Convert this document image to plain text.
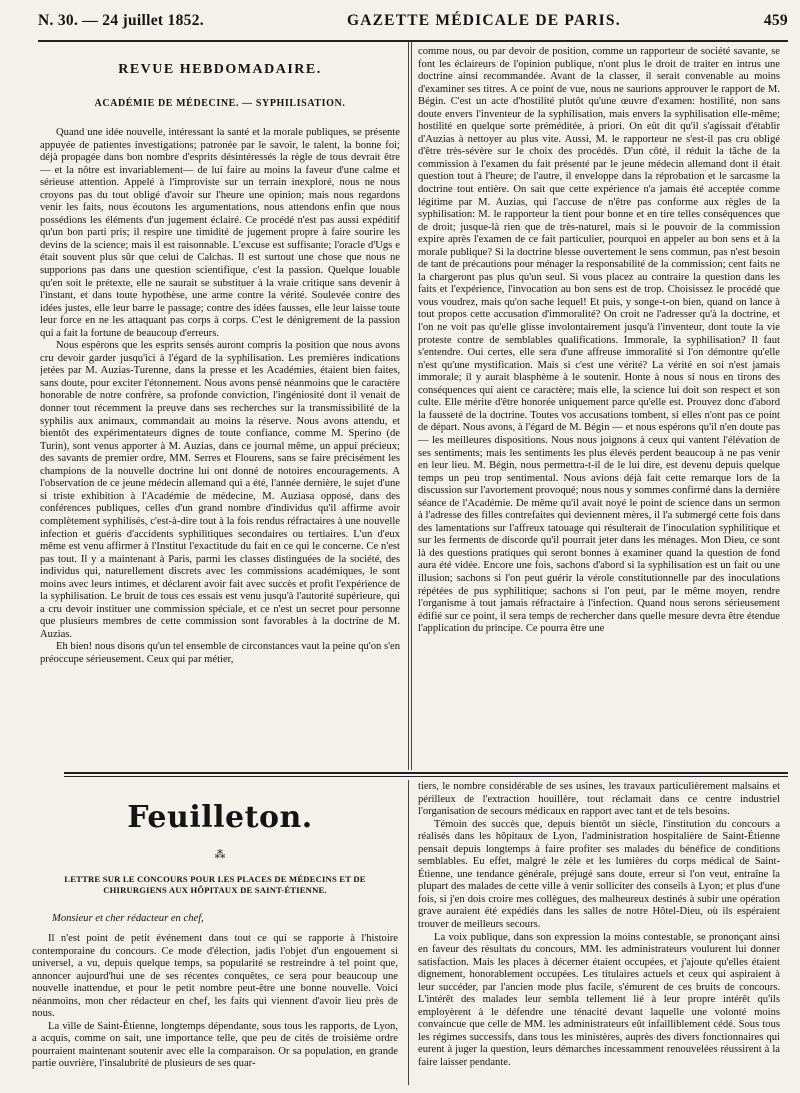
N. 30. — 24 juillet 1852.	GAZETTE MÉDICALE DE PARIS.	459
REVUE HEBDOMADAIRE.
ACADÉMIE DE MÉDECINE. — SYPHILISATION.

Quand une idée nouvelle, intéressant la santé et la morale publiques, se présente appuyée de patientes investigations; patronée par le savoir, le talent, la bonne foi; déjà propagée dans bon nombre d'esprits désintéressés la règle de tous devrait être — et la nôtre est invariablement— de lui faire au moins la faveur d'une calme et sérieuse attention. Appelé à l'improviste sur un terrain inexploré, nous ne nous croyons pas du tout obligé d'avoir sur l'heure une opinion; mais nous regardons venir les faits, nous écoutons les argumentations, nous attendons enfin que nous possédions les éléments d'un jugement éclairé. Ce procédé n'est pas aussi expéditif qu'un bon parti pris; il respire une timidité de jugement propre à faire sourire les devins de la science; mais il est raisonnable. L'excuse est suffisante; l'oracle d'Ugs e était souvent plus sûr que celui de Calchas. Il est surtout une chose que nous ne supporions pas dans une question scientifique, c'est la passion. Quelque louable qu'en soit le prétexte, elle ne saurait se substituer à la vraie critique sans devenir à l'instant, et dans toute hypothèse, une arme contre la vérité. Soulevée contre des idées justes, elle leur barre le passage; contre des idées fausses, elle leur laisse toute leur force en ne les attaquant pas corps à corps. C'est le dénigrement de la passion qui a fait la fortune de beaucoup d'erreurs.

Nous espérons que les esprits sensés auront compris la position que nous avons cru devoir garder jusqu'ici à l'égard de la syphilisation. Les premières indications jetées par M. Auzias-Turenne, dans la presse et les Académies, étaient bien faites, sans doute, pour exciter l'étonnement. Nous avons pensé néanmoins que le caractère honorable de notre confrère, sa profonde conviction, l'ingéniosité dont il venait de donner tout récemment la preuve dans ses recherches sur la transmissibilité de la syphilis aux animaux, commandait au moins la réserve. Nous avons attendu, et bientôt des expérimentateurs dignes de toute confiance, comme M. Sperino (de Turin), sont venus apporter à M. Auzias, dans ce journal même, un appui précieux; des savants de premier ordre, MM. Serres et Flourens, sans se faire précisément les champions de la nouvelle doctrine lui ont donné de notoires encouragements. A l'observation de ce jeune médecin allemand qui a été, l'année dernière, le sujet d'une si triste exhibition à l'Académie de médecine, M. Auziasa opposé, dans des conférences publiques, celles d'un grand nombre d'individus qu'il affirme avoir complètement syphilisés, c'est-à-dire tout à la fois rendus réfractaires à une nouvelle infection et guéris d'accidents syphilitiques secondaires ou tertiaires. L'un d'eux même est venu affirmer à l'Institut l'exactitude du fait en ce qui le concerne. Ce n'est pas tout. Il y a maintenant à Paris, parmi les classes distinguées de la société, des individus qui, naturellement discrets avec les commissions académiques, le sont moins avec leurs intimes, et déclarent avoir fait avec succès et profit l'expérience de la syphilisation. Le bruit de tous ces essais est venu jusqu'à l'autorité supérieure, qui a cru devoir instituer une commission spéciale, et ce n'est un secret pour personne que plusieurs membres de cette commission sont favorables à la doctrine de M. Auzias.

Eh bien! nous disons qu'un tel ensemble de circonstances vaut la peine qu'on s'en préoccupe sérieusement. Ceux qui par métier,

comme nous, ou par devoir de position, comme un rapporteur de société savante, se font les éclaireurs de l'opinion publique, n'ont plus le droit de traiter en intrus une doctrine ainsi recommandée. Avant de la classer, il serait convenable au moins d'examiner ses titres. A ce point de vue, nous ne saurions approuver le rapport de M. Bégin. C'est un acte d'hostilité plutôt qu'une œuvre d'examen: hostilité, non sans doute envers l'inventeur de la syphilisation, mais envers la syphilisation elle-même; hostilité en quelque sorte préméditée, à priori. On eût dit qu'il s'agissait d'établir d'Auzias à nettoyer au plus vite. Aussi, M. le rapporteur ne s'est-il pas cru obligé d'être très-sévère sur le choix des procédés. D'un côté, il réduit la tâche de la commission à l'examen du fait présenté par le jeune médecin allemand dont il était question tout à l'heure; de l'autre, il enveloppe dans la réprobation et le sarcasme la doctrine tout entière. On sait que cette expérience n'a jamais été acceptée comme légitime par M. Auzias, qui l'accuse de n'être pas conforme aux règles de la syphilisation: M. le rapporteur la tient pour bonne et en tire telles conséquences que de droit; jusque-là rien que de très-naturel, mais si le pouvoir de la commission expire après l'examen de ce fait particulier, pourquoi en appeler au bon sens et à la morale publique? Si la doctrine blesse ouvertement le sens commun, pas n'est besoin de tant de précautions pour ménager la responsabilité de la commission; cent faits ne la chargeront pas plus qu'un seul. Si vous placez au contraire la question dans les faits et l'expérience, l'invocation au bon sens est de trop. Choisissez le procédé que vous voudrez, mais qu'on sache lequel! Et puis, y songe-t-on bien, quand on lance à tout propos cette accusation d'immoralité? On croit ne l'adresser qu'à la doctrine, et l'on ne voit pas qu'elle glisse involontairement jusqu'à l'inventeur, dont toute la vie proteste contre de semblables qualifications. Immorale, la syphilisation? Il faut s'entendre. Oui certes, elle sera d'une affreuse immoralité si l'on démontre qu'elle n'est qu'une mystification. Mais si c'est une vérité? La vérité en soi n'est jamais immorale; il y aurait blasphème à le soutenir. Honte à nous si nous en tirons des conséquences qui aient ce caractère; mais elle, la science lui doit son respect et son culte. Elle mérite d'être honorée uniquement parce qu'elle est. Prouvez donc d'abord la fausseté de la doctrine. Toutes vos accusations tombent, si elles n'ont pas ce point de départ. Nous avons, à l'égard de M. Bégin — et nous espérons qu'il n'en doute pas — les meilleures dispositions. Nous nous joignons à ceux qui vantent l'élévation de ses sentiments; mais les sentiments les plus élevés perdent beaucoup à ne pas venir en leur lieu. M. Bégin, nous permettra-t-il de le lui dire, est devenu depuis quelque temps un peu trop sentimental. Nous avions déjà fait cette remarque lors de la discussion sur l'avortement provoqué; nous nous y sommes confirmé dans la dernière séance de l'Académie. De même qu'il avait noyé le point de science dans un sermon à l'adresse des filles contrefaites qui deviennent mères, il l'a submergé cette fois dans des lamentations sur l'affreux tatouage qui résulterait de l'inoculation syphilitique et sur les ferments de discorde qu'il pourrait jeter dans les ménages. Mon Dieu, ce sont là des questions pratiques qui seront bonnes à examiner quand la question de fond aura été vidée. Encore une fois, sachons d'abord si la syphilisation est un fait ou une illusion; sachons si l'on peut guérir la vérole constitutionnelle par des inoculations répétées de pus syphilitique; sachons si l'on peut, par le même moyen, rendre l'organisme à tout jamais réfractaire à l'infection. Quand nous serons sérieusement édifié sur ce point, il sera temps de rechercher dans quelle mesure devra être étendue l'application du principe. Ce pourra être une

Feuilleton.
⁂
LETTRE SUR LE CONCOURS POUR LES PLACES DE MÉDECINS ET DE CHIRURGIENS AUX HÔPITAUX DE SAINT-ÉTIENNE.
Monsieur et cher rédacteur en chef,

Il n'est point de petit événement dans tout ce qui se rapporte à l'histoire contemporaine du concours. Ce mode d'élection, jadis l'objet d'un engouement si universel, a vu, depuis quelque temps, sa popularité se restreindre à tel point que, annoncer aujourd'hui une de ses récentes conquêtes, ce sera pour beaucoup une nouvelle inattendue, et pour le petit nombre peut-être une bonne nouvelle. Voici néanmoins, mon cher rédacteur en chef, les faits qui viennent d'avoir lieu près de nous.

La ville de Saint-Étienne, longtemps dépendante, sous tous les rapports, de Lyon, a acquis, comme on sait, une importance telle, que peu de cités de troisième ordre pourraient maintenant soutenir avec elle la comparaison. Or sa population, en grande partie ouvrière, l'insalubrité de plusieurs de ses quar-

tiers, le nombre considérable de ses usines, les travaux particulièrement malsains et périlleux de l'extraction houillère, tout réclamait dans ce centre industriel l'organisation de secours médicaux en rapport avec tant et de tels besoins.

Témoin des succès que, depuis bientôt un siècle, l'institution du concours a réalisés dans les hôpitaux de Lyon, l'administration hospitalière de Saint-Étienne pensait depuis longtemps à faire profiter ses malades du bénéfice de conditions semblables. Eu effet, malgré le zèle et les lumières du corps médical de Saint-Étienne, une tendance générale, préjugé sans doute, erreur si l'on veut, entraîne la plupart des malades de cette ville à venir solliciter des conseils à Lyon; et plus d'une fois, si j'en dois croire mes collègues, des malheureux destinés à subir une opération grave auraient été expédiés dans les salles de notre Hôtel-Dieu, où ils espéraient trouver de meilleurs secours.

La voix publique, dans son expression la moins contestable, se prononçant ainsi en faveur des résultats du concours, MM. les administrateurs voulurent lui donner satisfaction. Mais les places à décerner étaient occupées, et j'ajoute qu'elles étaient dignement, honorablement occupées. Les titulaires actuels et ceux qui aspiraient à leur succéder, par l'ancien mode plus facile, s'émurent de ces bruits de concours. L'intérêt des malades leur sembla tellement lié à leur propre intérêt qu'ils employèrent à le défendre une ténacité devant laquelle une volonté moins convaincue que celle de MM. les administrateurs eût infailliblement cédé. Sous tous les régimes successifs, dans tous les ministères, auprès des divers fonctionnaires qui eurent à juger la question, leurs démarches incessamment renouvelées réussirent à la faire laisser pendante.
